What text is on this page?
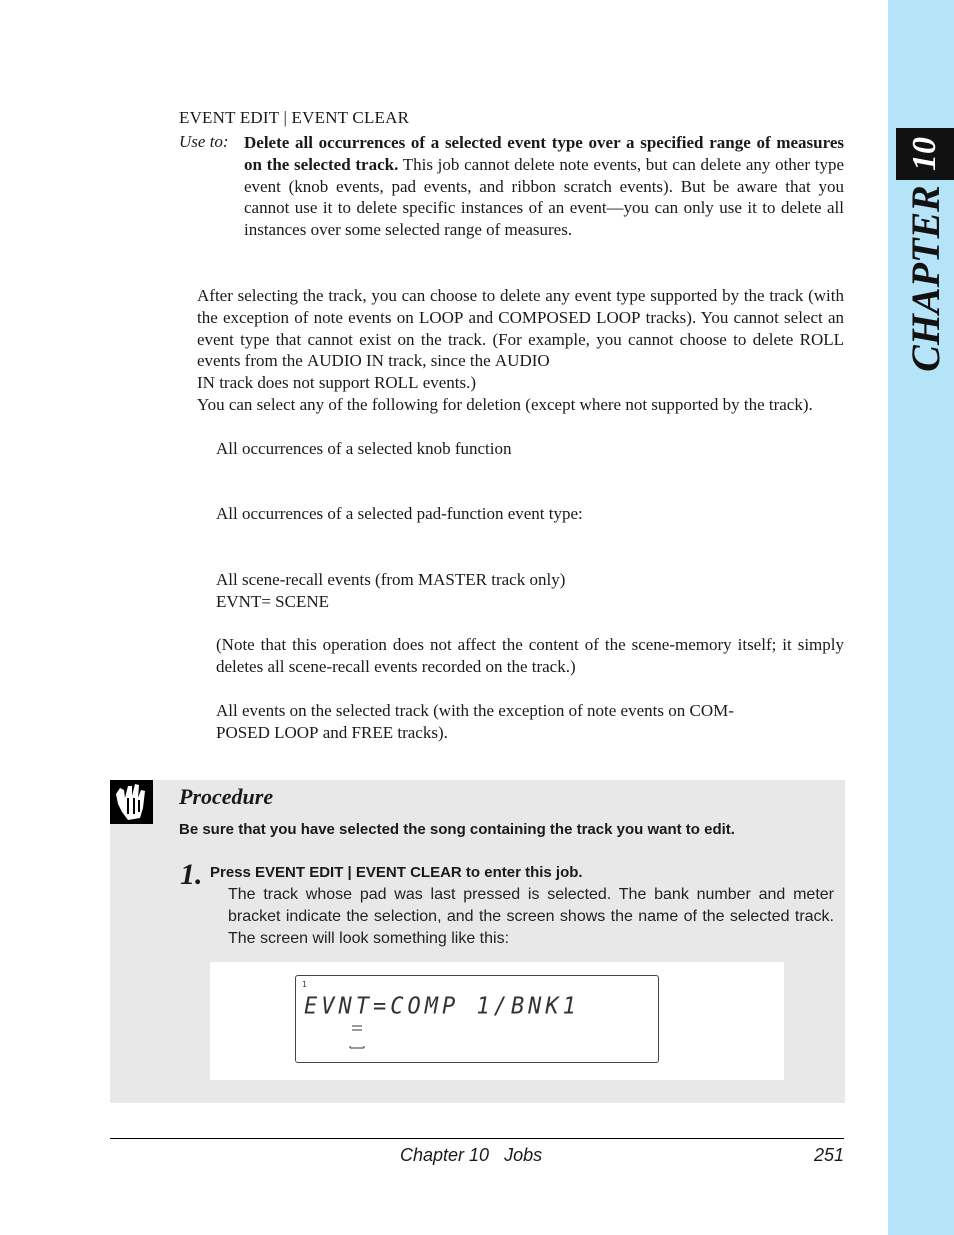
10
CHAPTER
EVENT EDIT | EVENT CLEAR
Use to: Delete all occurrences of a selected event type over a specified range of measures on the selected track. This job cannot delete note events, but can delete any other type event (knob events, pad events, and ribbon scratch events). But be aware that you cannot use it to delete specific instances of an event—you can only use it to delete all instances over some selected range of measures.
After selecting the track, you can choose to delete any event type supported by the track (with the exception of note events on LOOP and COMPOSED LOOP tracks). You cannot select an event type that cannot exist on the track. (For example, you cannot choose to delete ROLL events from the AUDIO IN track, since the AUDIO
IN track does not support ROLL events.)
You can select any of the following for deletion (except where not supported by the track).
All occurrences of a selected knob function
All occurrences of a selected pad-function event type:
All scene-recall events (from MASTER track only)
EVNT= SCENE
(Note that this operation does not affect the content of the scene-memory itself; it simply deletes all scene-recall events recorded on the track.)
All events on the selected track (with the exception of note events on COM-
POSED LOOP and FREE tracks).
Procedure
Be sure that you have selected the song containing the track you want to edit.
1. Press EVENT EDIT | EVENT CLEAR to enter this job.
The track whose pad was last pressed is selected. The bank number and meter bracket indicate the selection, and the screen shows the name of the selected track. The screen will look something like this:
1
EVNT=COMP 1/BNK1
Chapter 10   Jobs	251
